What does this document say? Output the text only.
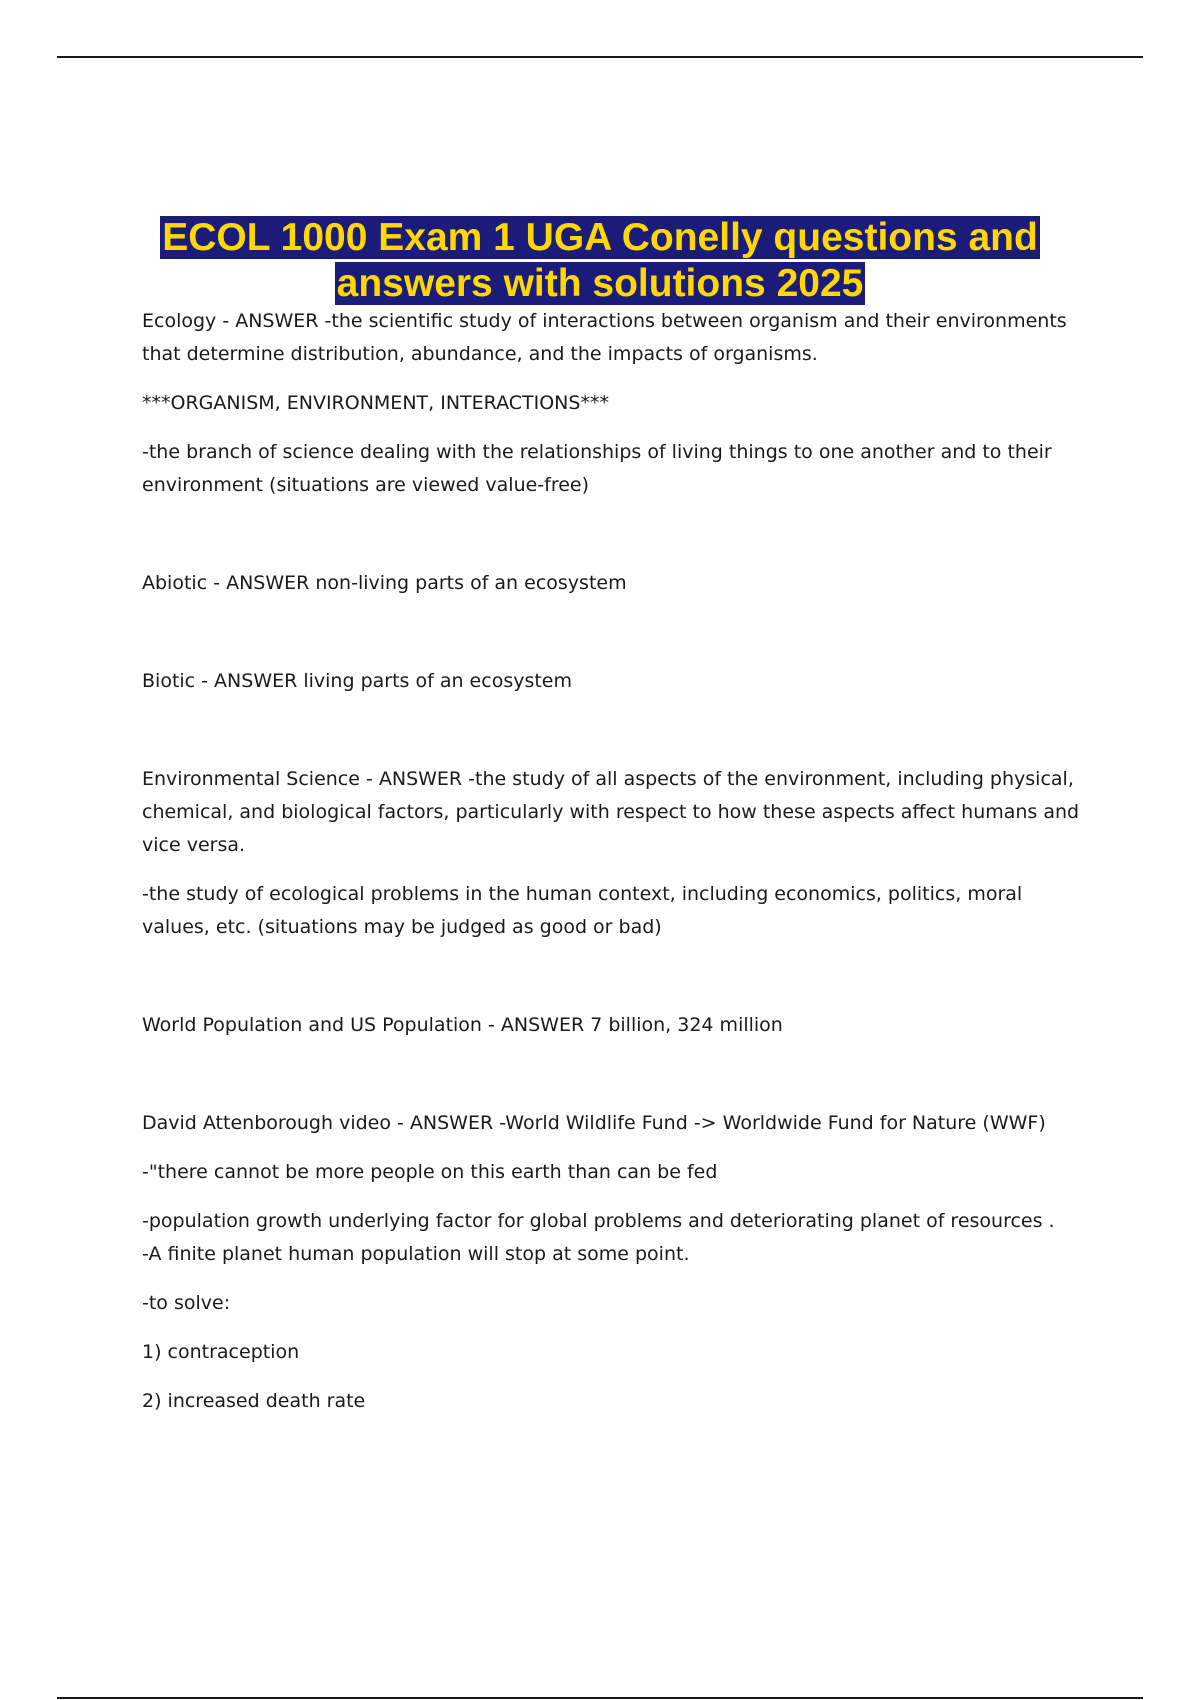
ECOL 1000 Exam 1 UGA Conelly questions and
answers with solutions 2025

Ecology - ANSWER -the scientific study of interactions between organism and their environments that determine distribution, abundance, and the impacts of organisms.

***ORGANISM, ENVIRONMENT, INTERACTIONS***

-the branch of science dealing with the relationships of living things to one another and to their environment (situations are viewed value-free)

Abiotic - ANSWER non-living parts of an ecosystem

Biotic - ANSWER living parts of an ecosystem

Environmental Science - ANSWER -the study of all aspects of the environment, including physical, chemical, and biological factors, particularly with respect to how these aspects affect humans and vice versa.

-the study of ecological problems in the human context, including economics, politics, moral values, etc. (situations may be judged as good or bad)

World Population and US Population - ANSWER 7 billion, 324 million

David Attenborough video - ANSWER -World Wildlife Fund -> Worldwide Fund for Nature (WWF)

-"there cannot be more people on this earth than can be fed

-population growth underlying factor for global problems and deteriorating planet of resources .

-A finite planet human population will stop at some point.

-to solve:

1) contraception

2) increased death rate
